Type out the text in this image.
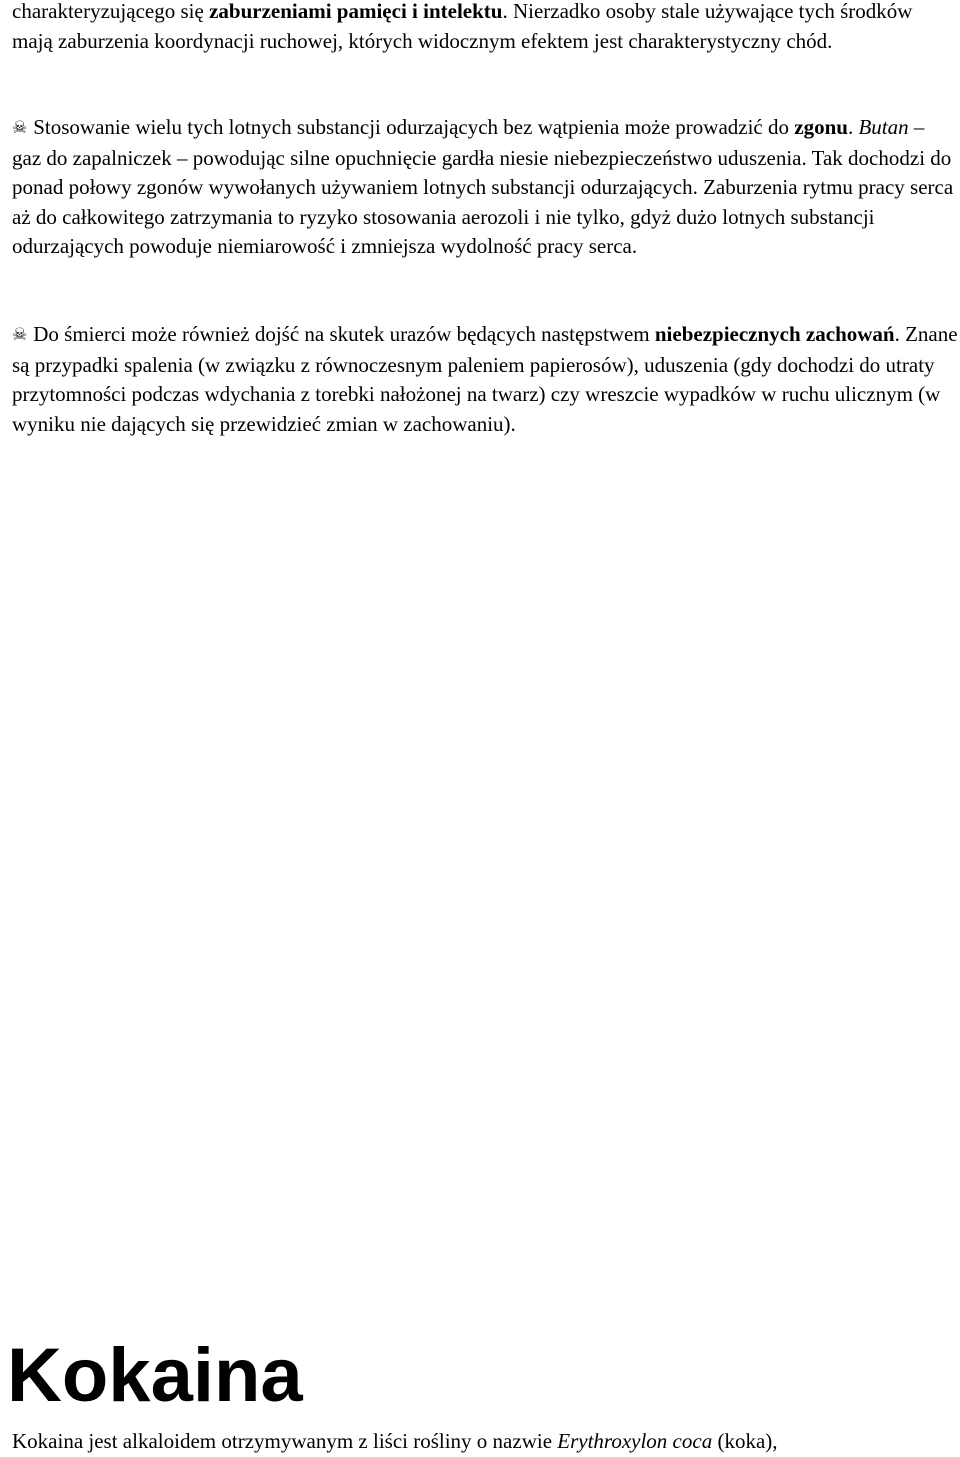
charakteryzującego się zaburzeniami pamięci i intelektu. Nierzadko osoby stale używające tych środków mają zaburzenia koordynacji ruchowej, których widocznym efektem jest charakterystyczny chód.

☠ Stosowanie wielu tych lotnych substancji odurzających bez wątpienia może prowadzić do zgonu. Butan – gaz do zapalniczek – powodując silne opuchnięcie gardła niesie niebezpieczeństwo uduszenia. Tak dochodzi do ponad połowy zgonów wywołanych używaniem lotnych substancji odurzających. Zaburzenia rytmu pracy serca aż do całkowitego zatrzymania to ryzyko stosowania aerozoli i nie tylko, gdyż dużo lotnych substancji odurzających powoduje niemiarowość i zmniejsza wydolność pracy serca.

☠ Do śmierci może również dojść na skutek urazów będących następstwem niebezpiecznych zachowań. Znane są przypadki spalenia (w związku z równoczesnym paleniem papierosów), uduszenia (gdy dochodzi do utraty przytomności podczas wdychania z torebki nałożonej na twarz) czy wreszcie wypadków w ruchu ulicznym (w wyniku nie dających się przewidzieć zmian w zachowaniu).

Kokaina jest alkaloidem otrzymywanym z liści rośliny o nazwie Erythroxylon coca (koka),

Kokaina
